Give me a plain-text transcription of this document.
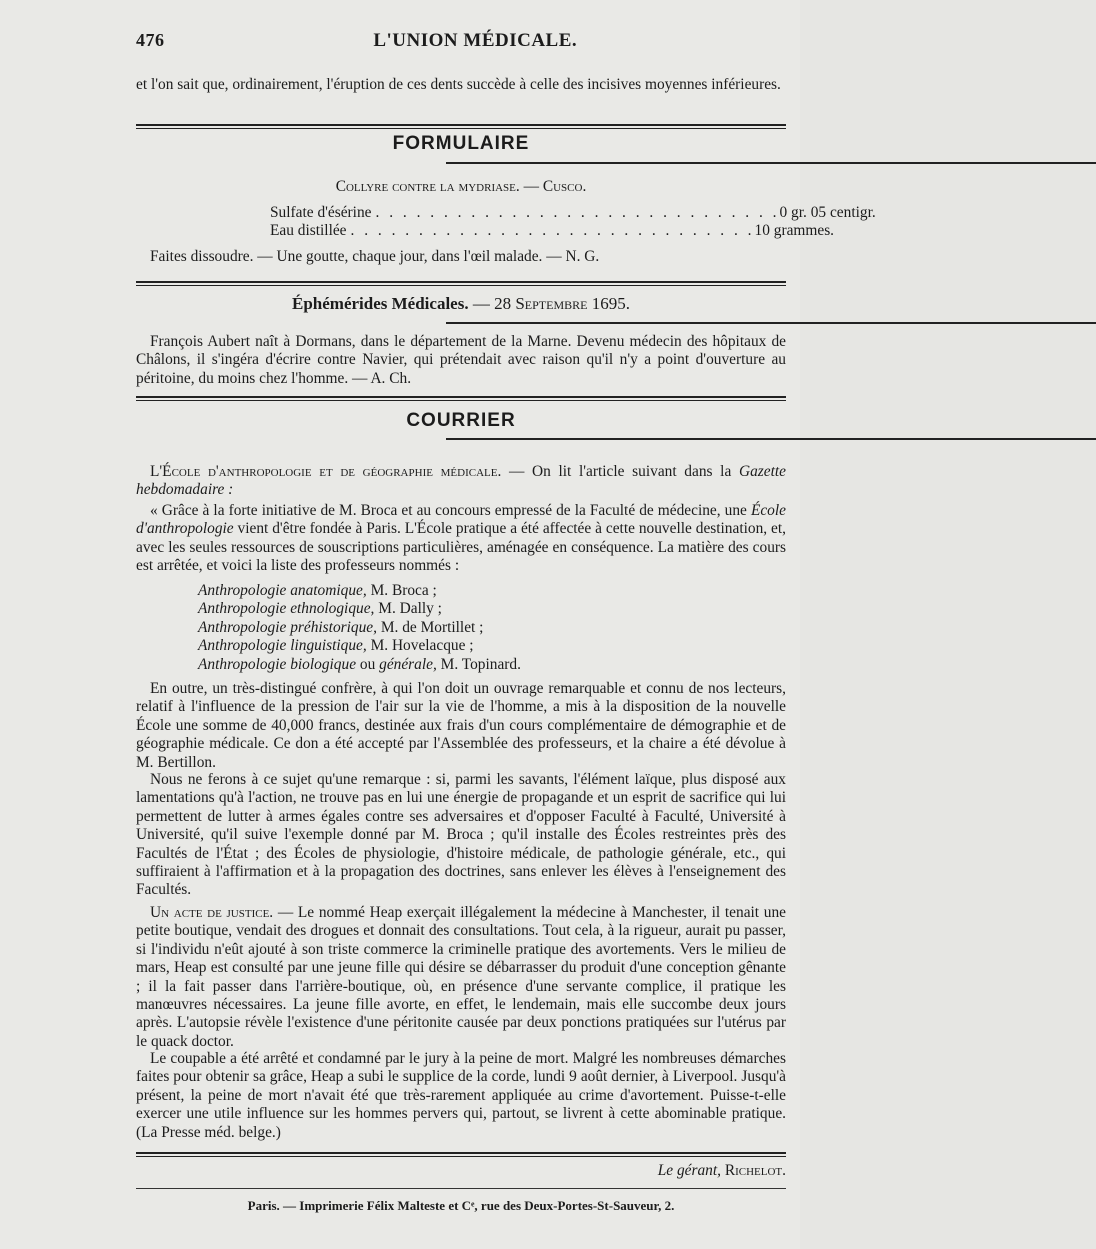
476	L'UNION MÉDICALE.

et l'on sait que, ordinairement, l'éruption de ces dents succède à celle des incisives moyennes inférieures.

FORMULAIRE

Collyre contre la mydriase. — Cusco.

Sulfate d'ésérine . . . . . . . . . . . . . . . . . . . . . . . . . . . . . . 0 gr. 05 centigr.
Eau distillée . . . . . . . . . . . . . . . . . . . . . . . . . . . . . . 10 grammes.

Faites dissoudre. — Une goutte, chaque jour, dans l'œil malade. — N. G.

Éphémérides Médicales. — 28 Septembre 1695.

François Aubert naît à Dormans, dans le département de la Marne. Devenu médecin des hôpitaux de Châlons, il s'ingéra d'écrire contre Navier, qui prétendait avec raison qu'il n'y a point d'ouverture au péritoine, du moins chez l'homme. — A. Ch.

COURRIER

L'École d'anthropologie et de géographie médicale. — On lit l'article suivant dans la Gazette hebdomadaire :

« Grâce à la forte initiative de M. Broca et au concours empressé de la Faculté de médecine, une École d'anthropologie vient d'être fondée à Paris. L'École pratique a été affectée à cette nouvelle destination, et, avec les seules ressources de souscriptions particulières, aménagée en conséquence. La matière des cours est arrêtée, et voici la liste des professeurs nommés :

Anthropologie anatomique, M. Broca ;

Anthropologie ethnologique, M. Dally ;

Anthropologie préhistorique, M. de Mortillet ;

Anthropologie linguistique, M. Hovelacque ;

Anthropologie biologique ou générale, M. Topinard.

En outre, un très-distingué confrère, à qui l'on doit un ouvrage remarquable et connu de nos lecteurs, relatif à l'influence de la pression de l'air sur la vie de l'homme, a mis à la disposition de la nouvelle École une somme de 40,000 francs, destinée aux frais d'un cours complémentaire de démographie et de géographie médicale. Ce don a été accepté par l'Assemblée des professeurs, et la chaire a été dévolue à M. Bertillon.

Nous ne ferons à ce sujet qu'une remarque : si, parmi les savants, l'élément laïque, plus disposé aux lamentations qu'à l'action, ne trouve pas en lui une énergie de propagande et un esprit de sacrifice qui lui permettent de lutter à armes égales contre ses adversaires et d'opposer Faculté à Faculté, Université à Université, qu'il suive l'exemple donné par M. Broca ; qu'il installe des Écoles restreintes près des Facultés de l'État ; des Écoles de physiologie, d'histoire médicale, de pathologie générale, etc., qui suffiraient à l'affirmation et à la propagation des doctrines, sans enlever les élèves à l'enseignement des Facultés.

Un acte de justice. — Le nommé Heap exerçait illégalement la médecine à Manchester, il tenait une petite boutique, vendait des drogues et donnait des consultations. Tout cela, à la rigueur, aurait pu passer, si l'individu n'eût ajouté à son triste commerce la criminelle pratique des avortements. Vers le milieu de mars, Heap est consulté par une jeune fille qui désire se débarrasser du produit d'une conception gênante ; il la fait passer dans l'arrière-boutique, où, en présence d'une servante complice, il pratique les manœuvres nécessaires. La jeune fille avorte, en effet, le lendemain, mais elle succombe deux jours après. L'autopsie révèle l'existence d'une péritonite causée par deux ponctions pratiquées sur l'utérus par le quack doctor.

Le coupable a été arrêté et condamné par le jury à la peine de mort. Malgré les nombreuses démarches faites pour obtenir sa grâce, Heap a subi le supplice de la corde, lundi 9 août dernier, à Liverpool. Jusqu'à présent, la peine de mort n'avait été que très-rarement appliquée au crime d'avortement. Puisse-t-elle exercer une utile influence sur les hommes pervers qui, partout, se livrent à cette abominable pratique. (La Presse méd. belge.)

Le gérant, Richelot.

Paris. — Imprimerie Félix Malteste et Cᵉ, rue des Deux-Portes-St-Sauveur, 2.
